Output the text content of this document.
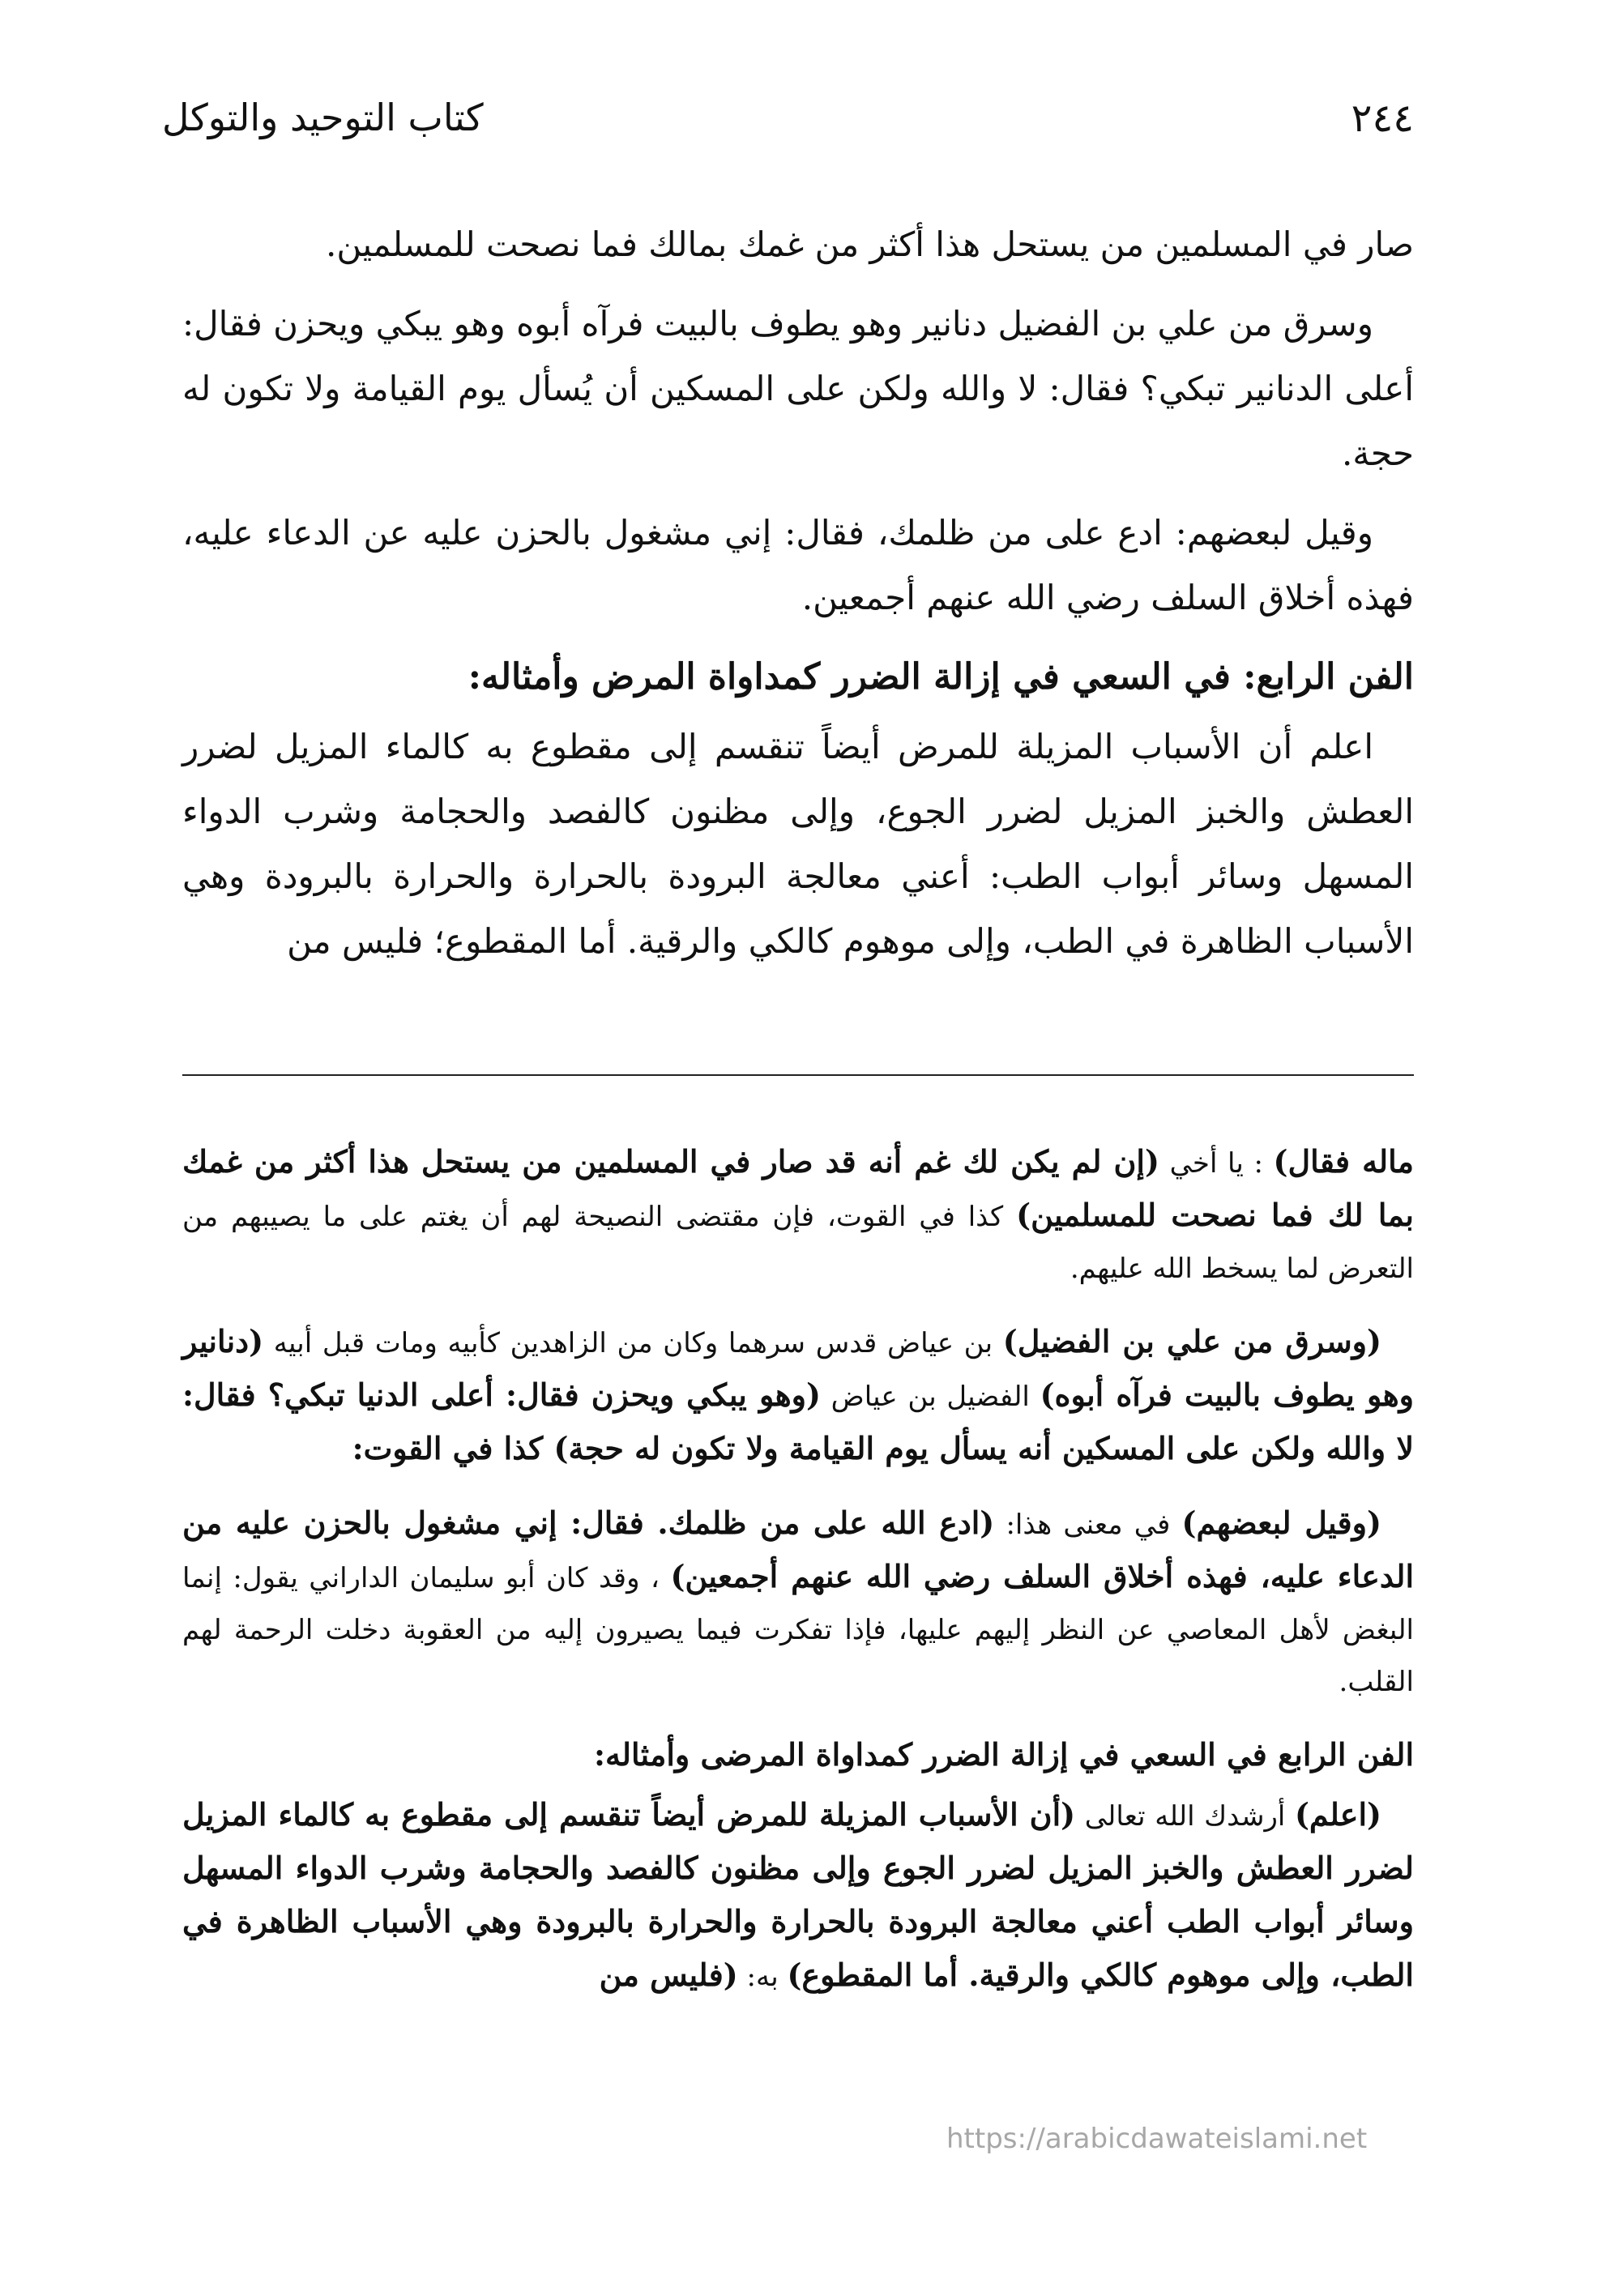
كتاب التوحيد والتوكل	٢٤٤

صار في المسلمين من يستحل هذا أكثر من غمك بمالك فما نصحت للمسلمين.

وسرق من علي بن الفضيل دنانير وهو يطوف بالبيت فرآه أبوه وهو يبكي ويحزن فقال: أعلى الدنانير تبكي؟ فقال: لا والله ولكن على المسكين أن يُسأل يوم القيامة ولا تكون له حجة.

وقيل لبعضهم: ادع على من ظلمك، فقال: إني مشغول بالحزن عليه عن الدعاء عليه، فهذه أخلاق السلف رضي الله عنهم أجمعين.

الفن الرابع: في السعي في إزالة الضرر كمداواة المرض وأمثاله:

اعلم أن الأسباب المزيلة للمرض أيضاً تنقسم إلى مقطوع به كالماء المزيل لضرر العطش والخبز المزيل لضرر الجوع، وإلى مظنون كالفصد والحجامة وشرب الدواء المسهل وسائر أبواب الطب: أعني معالجة البرودة بالحرارة والحرارة بالبرودة وهي الأسباب الظاهرة في الطب، وإلى موهوم كالكي والرقية. أما المقطوع؛ فليس من

ماله فقال) : يا أخي (إن لم يكن لك غم أنه قد صار في المسلمين من يستحل هذا أكثر من غمك بما لك فما نصحت للمسلمين) كذا في القوت، فإن مقتضى النصيحة لهم أن يغتم على ما يصيبهم من التعرض لما يسخط الله عليهم.

(وسرق من علي بن الفضيل) بن عياض قدس سرهما وكان من الزاهدين كأبيه ومات قبل أبيه (دنانير وهو يطوف بالبيت فرآه أبوه) الفضيل بن عياض (وهو يبكي ويحزن فقال: أعلى الدنيا تبكي؟ فقال: لا والله ولكن على المسكين أنه يسأل يوم القيامة ولا تكون له حجة) كذا في القوت:

(وقيل لبعضهم) في معنى هذا: (ادع الله على من ظلمك. فقال: إني مشغول بالحزن عليه من الدعاء عليه، فهذه أخلاق السلف رضي الله عنهم أجمعين) ، وقد كان أبو سليمان الداراني يقول: إنما البغض لأهل المعاصي عن النظر إليهم عليها، فإذا تفكرت فيما يصيرون إليه من العقوبة دخلت الرحمة لهم القلب.

الفن الرابع في السعي في إزالة الضرر كمداواة المرضى وأمثاله:

(اعلم) أرشدك الله تعالى (أن الأسباب المزيلة للمرض أيضاً تنقسم إلى مقطوع به كالماء المزيل لضرر العطش والخبز المزيل لضرر الجوع وإلى مظنون كالفصد والحجامة وشرب الدواء المسهل وسائر أبواب الطب أعني معالجة البرودة بالحرارة والحرارة بالبرودة وهي الأسباب الظاهرة في الطب، وإلى موهوم كالكي والرقية. أما المقطوع) به: (فليس من

https://arabicdawateislami.net
